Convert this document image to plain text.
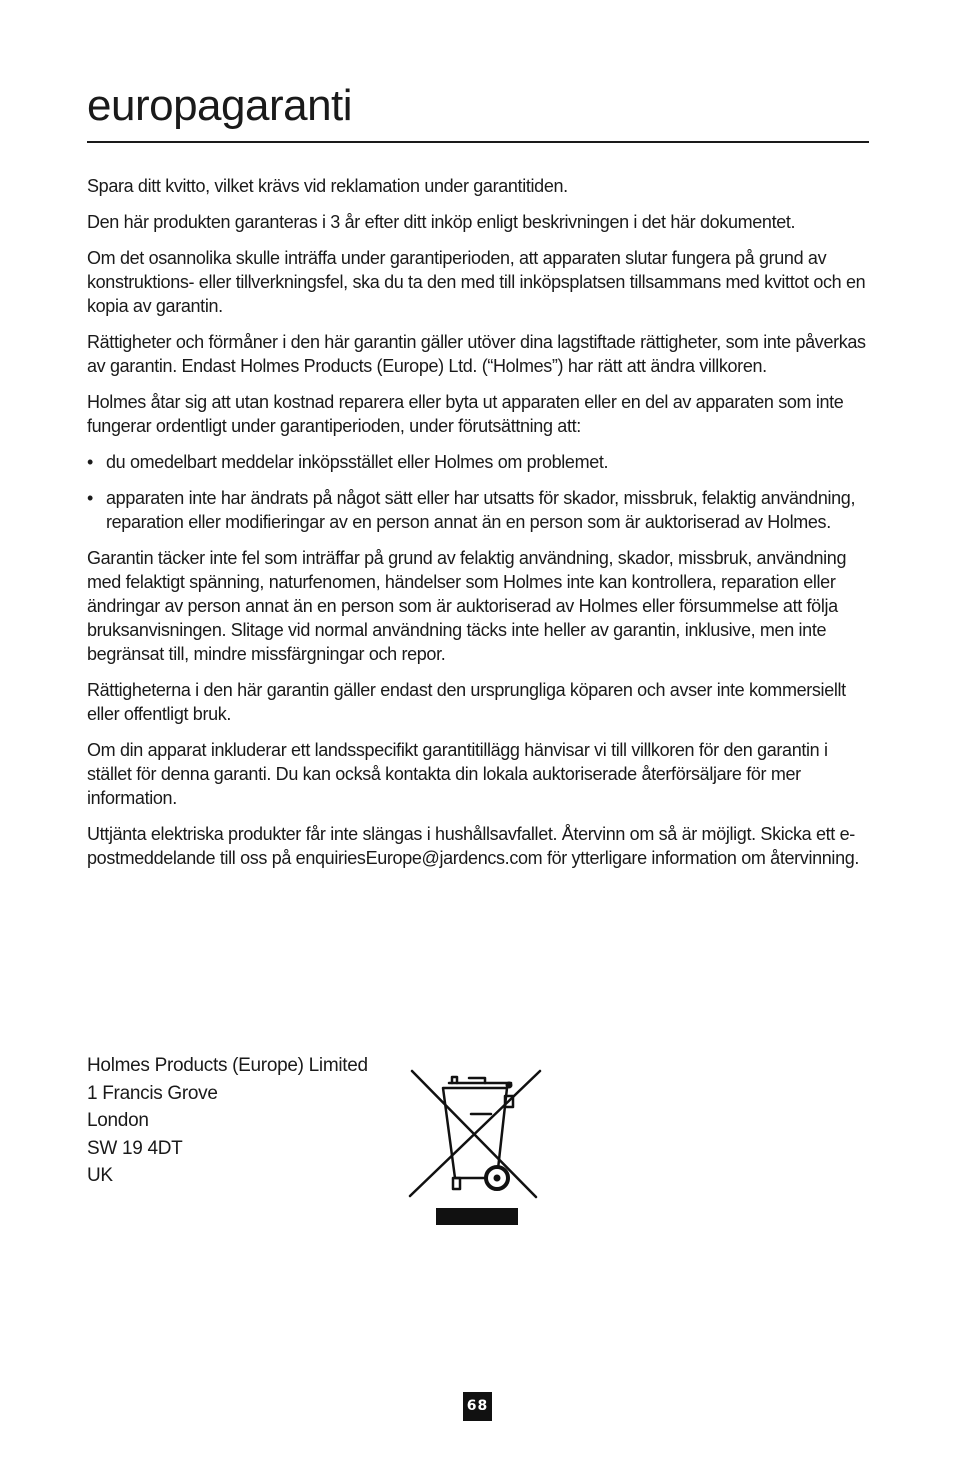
europagaranti

Spara ditt kvitto, vilket krävs vid reklamation under garantitiden.

Den här produkten garanteras i 3 år efter ditt inköp enligt beskrivningen i det här dokumentet.

Om det osannolika skulle inträffa under garantiperioden, att apparaten slutar fungera på grund av konstruktions- eller tillverkningsfel, ska du ta den med till inköpsplatsen tillsammans med kvittot och en kopia av garantin.

Rättigheter och förmåner i den här garantin gäller utöver dina lagstiftade rättigheter, som inte påverkas av garantin. Endast Holmes Products (Europe) Ltd. (“Holmes”) har rätt att ändra villkoren.

Holmes åtar sig att utan kostnad reparera eller byta ut apparaten eller en del av apparaten som inte fungerar ordentligt under garantiperioden, under förutsättning att:

• du omedelbart meddelar inköpsstället eller Holmes om problemet.
• apparaten inte har ändrats på något sätt eller har utsatts för skador, missbruk, felaktig användning, reparation eller modifieringar av en person annat än en person som är auktoriserad av Holmes.

Garantin täcker inte fel som inträffar på grund av felaktig användning, skador, missbruk, användning med felaktigt spänning, naturfenomen, händelser som Holmes inte kan kontrollera, reparation eller ändringar av person annat än en person som är auktoriserad av Holmes eller försummelse att följa bruksanvisningen. Slitage vid normal användning täcks inte heller av garantin, inklusive, men inte begränsat till, mindre missfärgningar och repor.

Rättigheterna i den här garantin gäller endast den ursprungliga köparen och avser inte kommersiellt eller offentligt bruk.

Om din apparat inkluderar ett landsspecifikt garantitillägg hänvisar vi till villkoren för den garantin i stället för denna garanti. Du kan också kontakta din lokala auktoriserade återförsäljare för mer information.

Uttjänta elektriska produkter får inte slängas i hushållsavfallet. Återvinn om så är möjligt. Skicka ett e-postmeddelande till oss på enquiriesEurope@jardencs.com för ytterligare information om återvinning.

Holmes Products (Europe) Limited
1 Francis Grove
London
SW 19 4DT
UK
68
